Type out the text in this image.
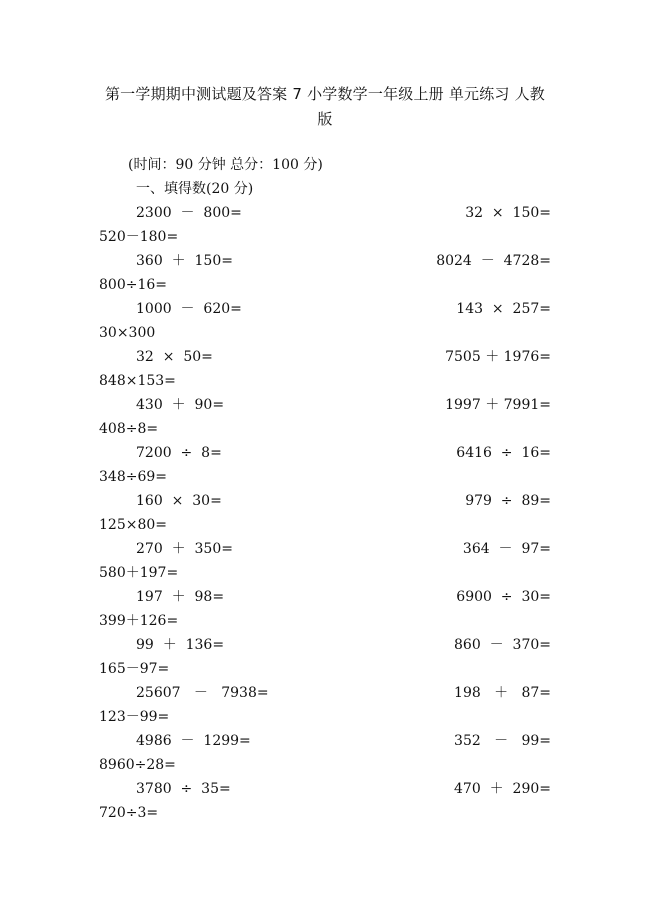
第一学期期中测试题及答案 7 小学数学一年级上册 单元练习 人教版
(时间：90 分钟 总分：100 分)
一、填得数(20 分)
2300  －  800=	32  ×  150=
520－180=
360  ＋  150=	8024  －  4728=
800÷16=
1000  －  620=	143  ×  257=
30×300
32  ×  50=	7505 ＋ 1976=
848×153=
430  ＋  90=	1997 ＋ 7991=
408÷8=
7200  ÷  8=	6416  ÷  16=
348÷69=
160  ×  30=	979  ÷  89=
125×80=
270  ＋  350=	364  －  97=
580＋197=
197  ＋  98=	6900  ÷  30=
399＋126=
99  ＋  136=	860  －  370=
165－97=
25607   －   7938=	198   ＋   87=
123－99=
4986  －  1299=	352   －   99=
8960÷28=
3780  ÷  35=	470  ＋  290=
720÷3=
